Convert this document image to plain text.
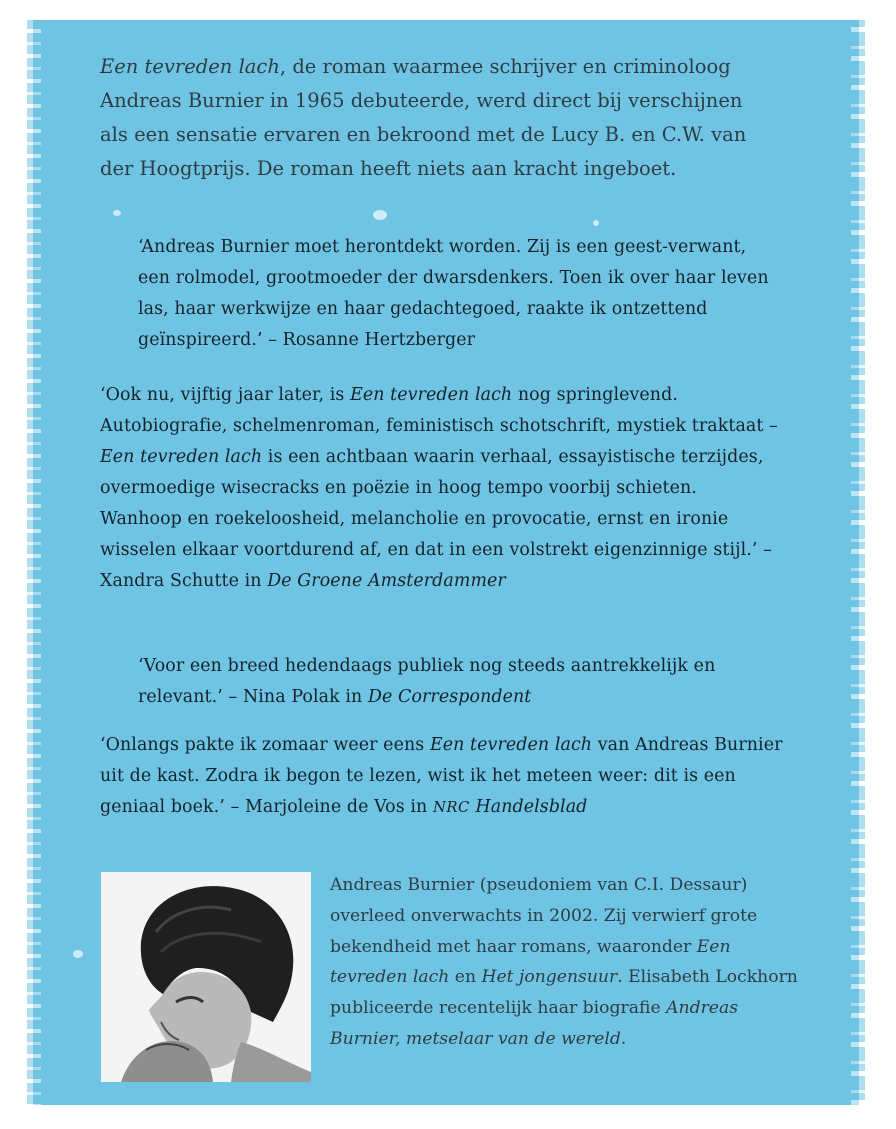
Een tevreden lach, de roman waarmee schrijver en criminoloog Andreas Burnier in 1965 debuteerde, werd direct bij verschijnen als een sensatie ervaren en bekroond met de Lucy B. en C.W. van der Hoogtprijs. De roman heeft niets aan kracht ingeboet.

‘Andreas Burnier moet herontdekt worden. Zij is een geest-verwant, een rolmodel, grootmoeder der dwarsdenkers. Toen ik over haar leven las, haar werkwijze en haar gedachtegoed, raakte ik ontzettend geïnspireerd.’ – Rosanne Hertzberger

‘Ook nu, vijftig jaar later, is Een tevreden lach nog springlevend. Autobiografie, schelmenroman, feministisch schotschrift, mystiek traktaat – Een tevreden lach is een achtbaan waarin verhaal, essayistische terzijdes, overmoedige wisecracks en poëzie in hoog tempo voorbij schieten. Wanhoop en roekeloosheid, melancholie en provocatie, ernst en ironie wisselen elkaar voortdurend af, en dat in een volstrekt eigenzinnige stijl.’ – Xandra Schutte in De Groene Amsterdammer

‘Voor een breed hedendaags publiek nog steeds aantrekkelijk en relevant.’ – Nina Polak in De Correspondent

‘Onlangs pakte ik zomaar weer eens Een tevreden lach van Andreas Burnier uit de kast. Zodra ik begon te lezen, wist ik het meteen weer: dit is een geniaal boek.’ – Marjoleine de Vos in NRC Handelsblad

Andreas Burnier (pseudoniem van C.I. Dessaur) overleed onverwachts in 2002. Zij verwierf grote bekendheid met haar romans, waaronder Een tevreden lach en Het jongensuur. Elisabeth Lockhorn publiceerde recentelijk haar biografie Andreas Burnier, metselaar van de wereld.
